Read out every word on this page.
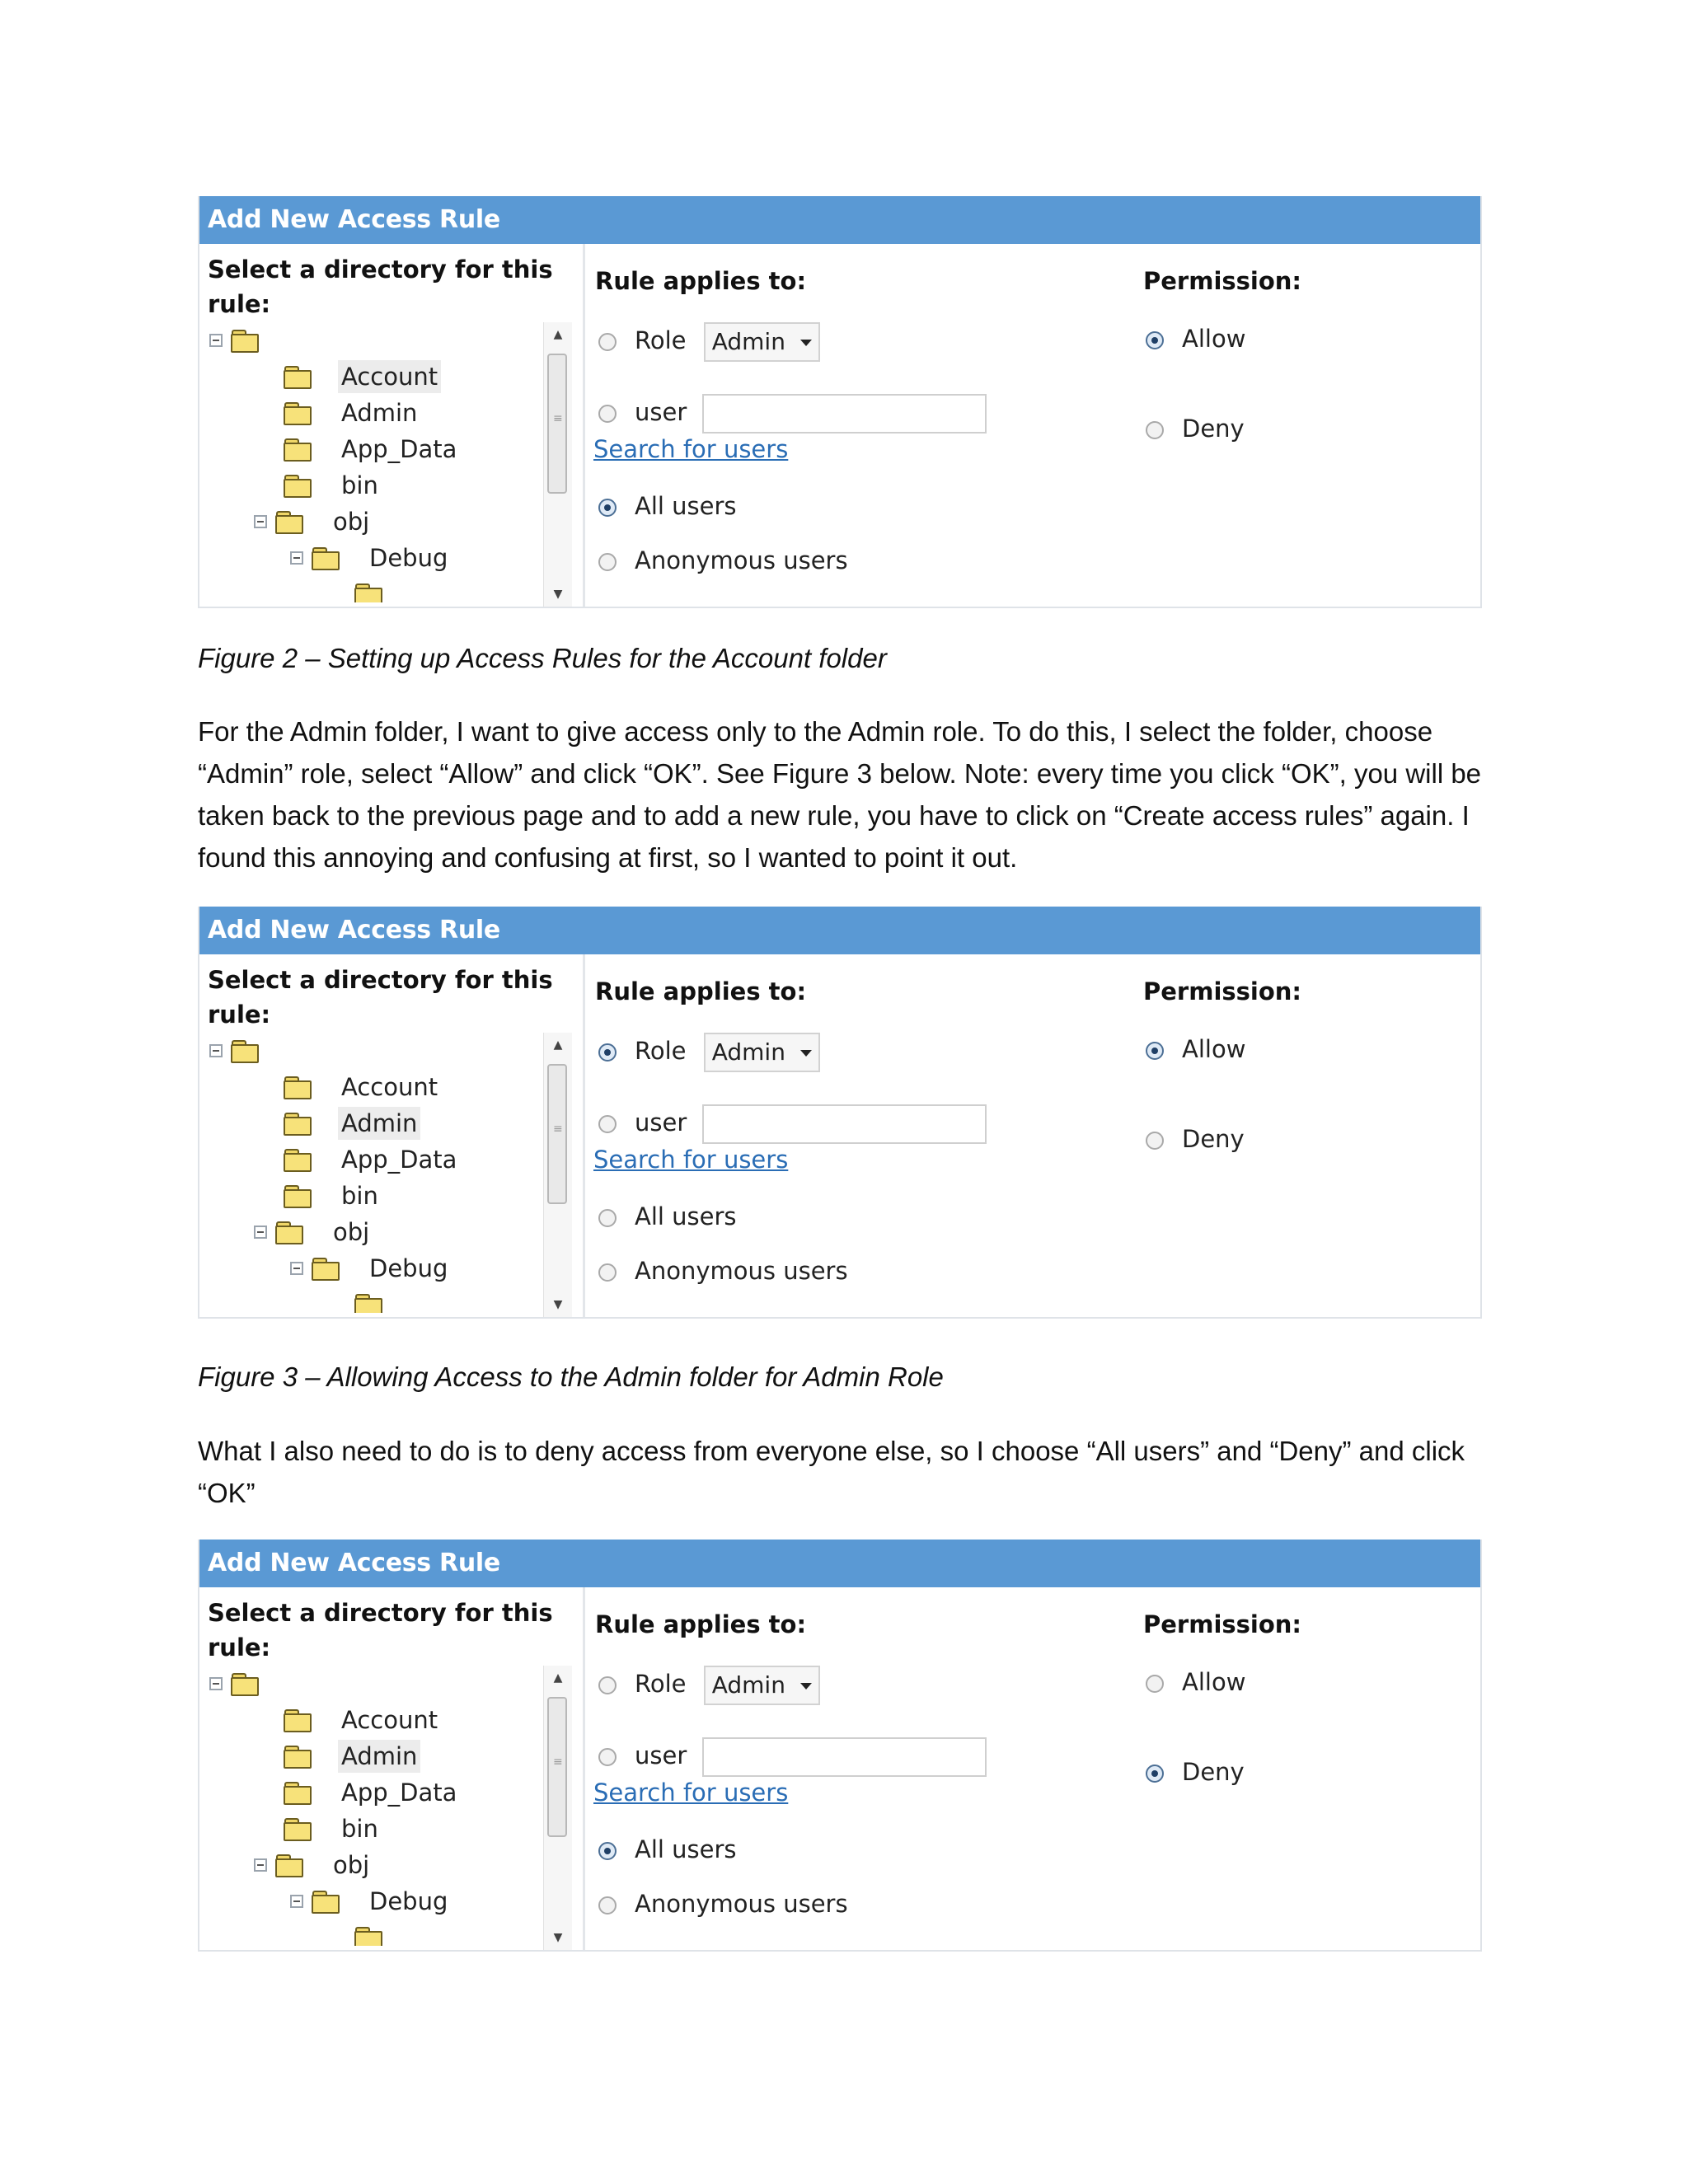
Add New Access Rule
Select a directory for this rule:
Account
Admin
App_Data
bin
obj
Debug
▲
≡
▼
Rule applies to:
Role Admin
user
Search for users
All users
Anonymous users
Permission:
Allow
Deny
Figure 2 – Setting up Access Rules for the Account folder

For the Admin folder, I want to give access only to the Admin role. To do this, I select the folder, choose “Admin” role, select “Allow” and click “OK”. See Figure 3 below. Note: every time you click “OK”, you will be taken back to the previous page and to add a new rule, you have to click on “Create access rules” again. I found this annoying and confusing at first, so I wanted to point it out.

Add New Access Rule
Select a directory for this rule:
Account
Admin
App_Data
bin
obj
Debug
▲
≡
▼
Rule applies to:
Role Admin
user
Search for users
All users
Anonymous users
Permission:
Allow
Deny
Figure 3 – Allowing Access to the Admin folder for Admin Role

What I also need to do is to deny access from everyone else, so I choose “All users” and “Deny” and click “OK”

Add New Access Rule
Select a directory for this rule:
Account
Admin
App_Data
bin
obj
Debug
▲
≡
▼
Rule applies to:
Role Admin
user
Search for users
All users
Anonymous users
Permission:
Allow
Deny
